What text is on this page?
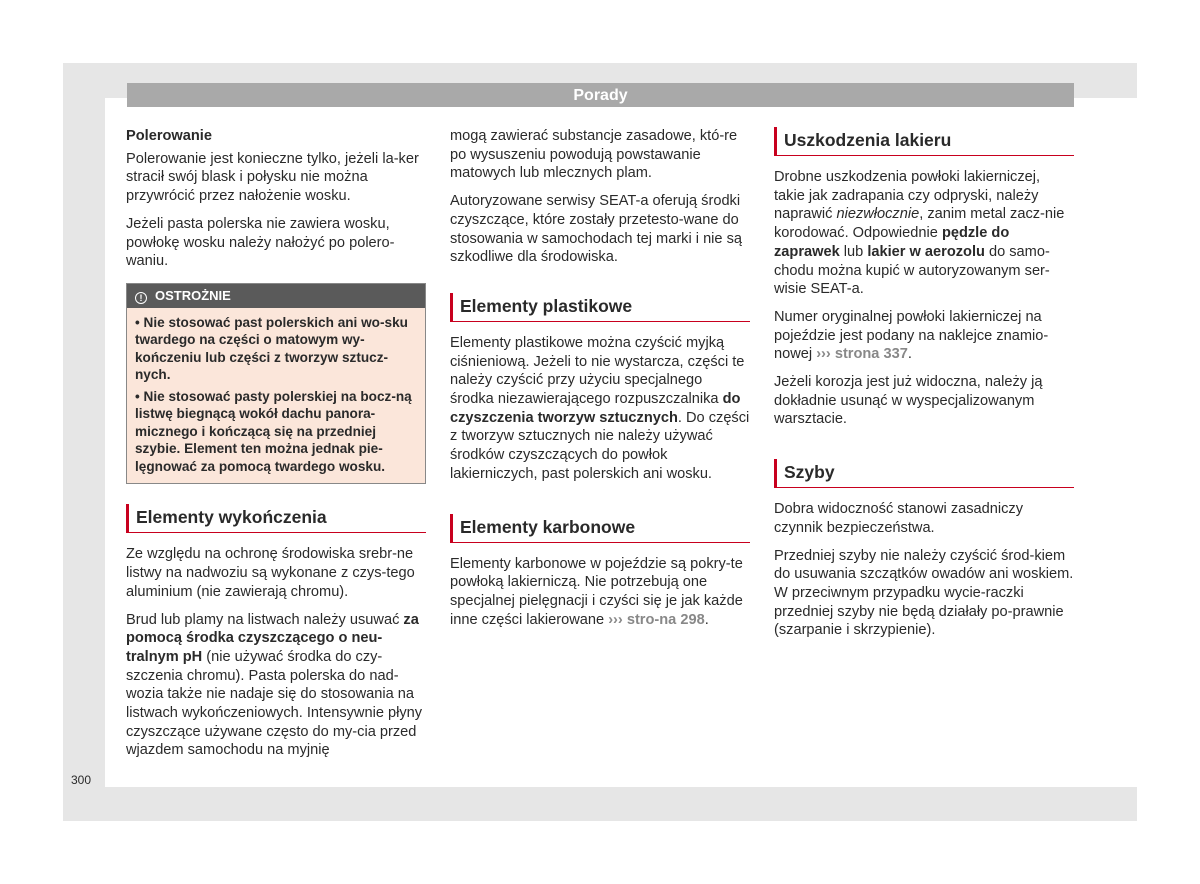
Porady

Polerowanie

Polerowanie jest konieczne tylko, jeżeli la-ker stracił swój blask i połysku nie można przywrócić przez nałożenie wosku.

Jeżeli pasta polerska nie zawiera wosku, powłokę wosku należy nałożyć po polero-waniu.

! OSTROŻNIE

• Nie stosować past polerskich ani wo-sku twardego na części o matowym wy-kończeniu lub części z tworzyw sztucz-nych.

• Nie stosować pasty polerskiej na bocz-ną listwę biegnącą wokół dachu panora-micznego i kończącą się na przedniej szybie. Element ten można jednak pie-lęgnować za pomocą twardego wosku.

Elementy wykończenia

Ze względu na ochronę środowiska srebr-ne listwy na nadwoziu są wykonane z czys-tego aluminium (nie zawierają chromu).

Brud lub plamy na listwach należy usuwać za pomocą środka czyszczącego o neu-tralnym pH (nie używać środka do czy-szczenia chromu). Pasta polerska do nad-wozia także nie nadaje się do stosowania na listwach wykończeniowych. Intensywnie płyny czyszczące używane często do my-cia przed wjazdem samochodu na myjnię

mogą zawierać substancje zasadowe, któ-re po wysuszeniu powodują powstawanie matowych lub mlecznych plam.

Autoryzowane serwisy SEAT-a oferują środki czyszczące, które zostały przetesto-wane do stosowania w samochodach tej marki i nie są szkodliwe dla środowiska.

Elementy plastikowe

Elementy plastikowe można czyścić myjką ciśnieniową. Jeżeli to nie wystarcza, części te należy czyścić przy użyciu specjalnego środka niezawierającego rozpuszczalnika do czyszczenia tworzyw sztucznych. Do części z tworzyw sztucznych nie należy używać środków czyszczących do powłok lakierniczych, past polerskich ani wosku.

Elementy karbonowe

Elementy karbonowe w pojeździe są pokry-te powłoką lakierniczą. Nie potrzebują one specjalnej pielęgnacji i czyści się je jak każde inne części lakierowane ››› stro-na 298.

Uszkodzenia lakieru

Drobne uszkodzenia powłoki lakierniczej, takie jak zadrapania czy odpryski, należy naprawić niezwłocznie, zanim metal zacz-nie korodować. Odpowiednie pędzle do zaprawek lub lakier w aerozolu do samo-chodu można kupić w autoryzowanym ser-wisie SEAT-a.

Numer oryginalnej powłoki lakierniczej na pojeździe jest podany na naklejce znamio-nowej ››› strona 337.

Jeżeli korozja jest już widoczna, należy ją dokładnie usunąć w wyspecjalizowanym warsztacie.

Szyby

Dobra widoczność stanowi zasadniczy czynnik bezpieczeństwa.

Przedniej szyby nie należy czyścić środ-kiem do usuwania szczątków owadów ani woskiem. W przeciwnym przypadku wycie-raczki przedniej szyby nie będą działały po-prawnie (szarpanie i skrzypienie).

300
